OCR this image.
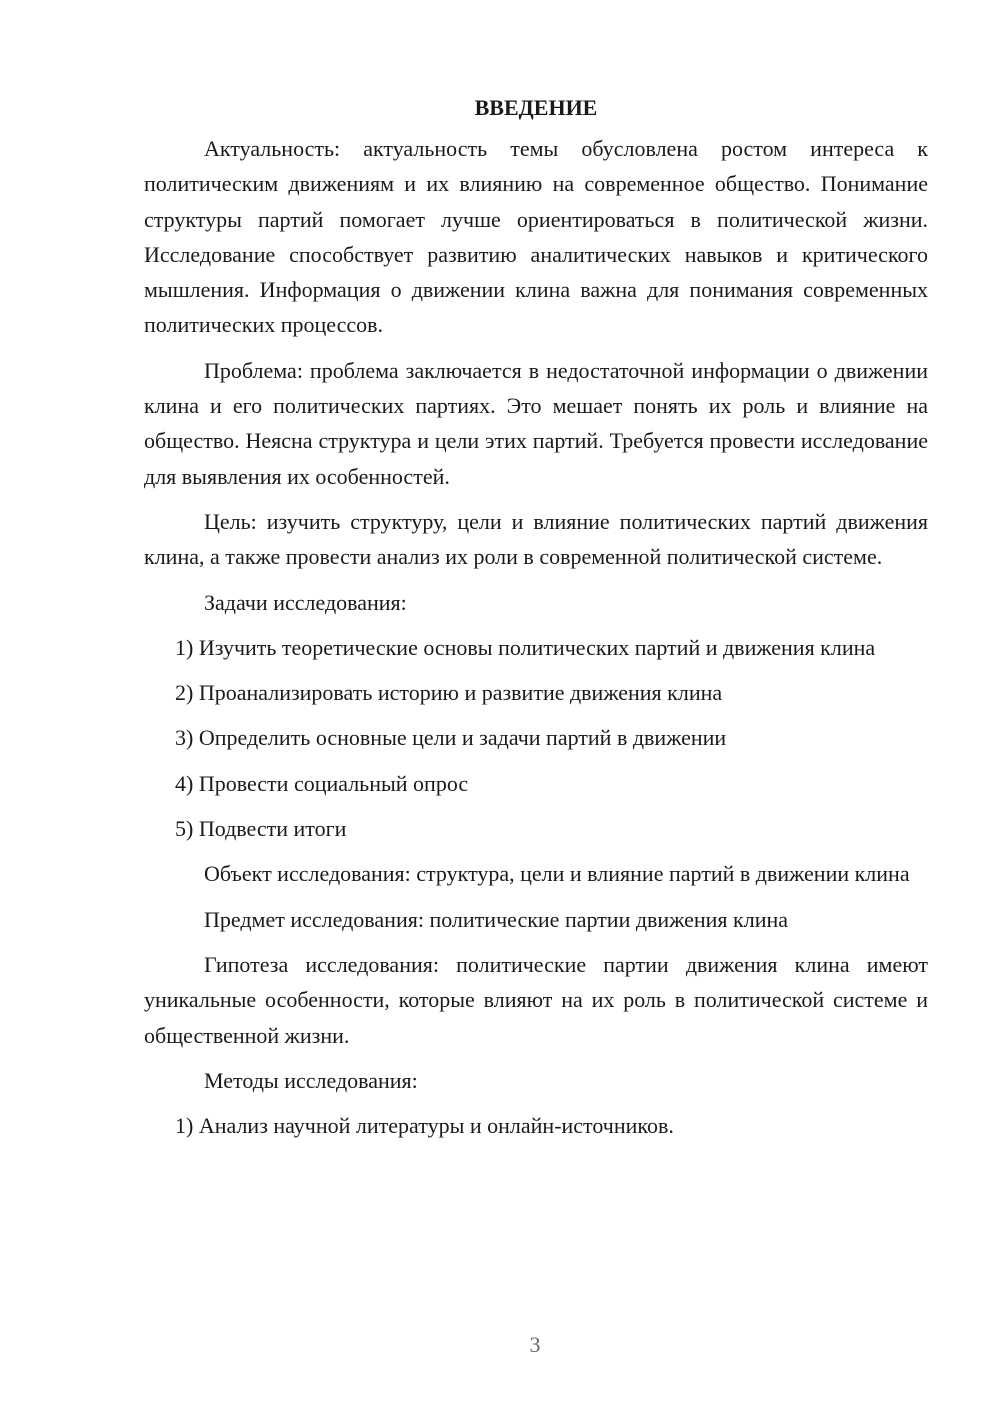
ВВЕДЕНИЕ

Актуальность: актуальность темы обусловлена ростом интереса к политическим движениям и их влиянию на современное общество. Понимание структуры партий помогает лучше ориентироваться в политической жизни. Исследование способствует развитию аналитических навыков и критического мышления. Информация о движении клина важна для понимания современных политических процессов.

Проблема: проблема заключается в недостаточной информации о движении клина и его политических партиях. Это мешает понять их роль и влияние на общество. Неясна структура и цели этих партий. Требуется провести исследование для выявления их особенностей.

Цель: изучить структуру, цели и влияние политических партий движения клина, а также провести анализ их роли в современной политической системе.

Задачи исследования:

1) Изучить теоретические основы политических партий и движения клина

2) Проанализировать историю и развитие движения клина

3) Определить основные цели и задачи партий в движении

4) Провести социальный опрос

5) Подвести итоги

Объект исследования: структура, цели и влияние партий в движении клина

Предмет исследования: политические партии движения клина

Гипотеза исследования: политические партии движения клина имеют уникальные особенности, которые влияют на их роль в политической системе и общественной жизни.

Методы исследования:

1) Анализ научной литературы и онлайн-источников.

3
